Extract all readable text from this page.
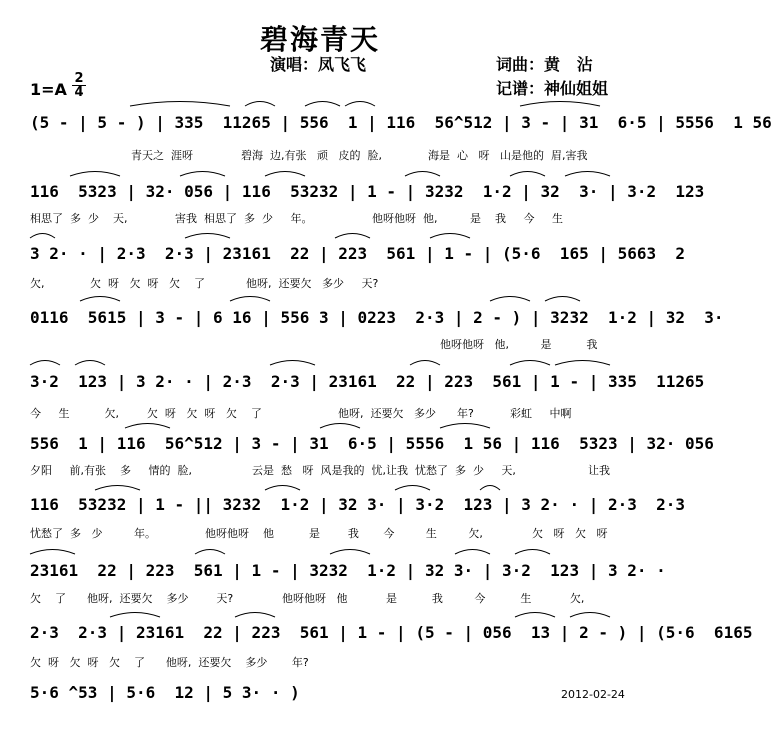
碧海青天
演唱：凤飞飞	词曲：黄   沾
记谱：神仙姐姐
$1=A \frac{2}{4}$
(5 - | 5 - ) | 335  11265 | 556  1 | 116  56^512 | 3 - | 31  6·5 | 5556  1 56
青天之  涯呀	碧海  边,有张   顽   皮的  脸,	海是  心   呀   山是他的  眉,害我
116  5323 | 32· 056 | 116  53232 | 1 - | 3232  1·2 | 32  3· | 3·2  123
相思了  多  少    天,	害我  相思了  多  少     年。	他呀他呀  他,	是    我     今     生
3 2· · | 2·3  2·3 | 23161  22 | 223  561 | 1 - | (5·6  165 | 5663  2
欠,	欠  呀   欠  呀   欠    了	他呀,  还要欠   多少     天?
0116  5615 | 3 - | 6 16 | 556 3 | 0223  2·3 | 2 - ) | 3232  1·2 | 32  3·
他呀他呀   他,         是          我
3·2  123 | 3 2· · | 2·3  2·3 | 23161  22 | 223  561 | 1 - | 335  11265
今     生          欠,        欠  呀   欠  呀   欠    了	他呀,  还要欠   多少      年?	彩虹     中啊
556  1 | 116  56^512 | 3 - | 31  6·5 | 5556  1 56 | 116  5323 | 32· 056
夕阳     前,有张    多     情的  脸,	云是  愁   呀  风是我的  忧,让我  忧愁了  多  少     天,	让我
116  53232 | 1 - || 3232  1·2 | 32 3· | 3·2  123 | 3 2· · | 2·3  2·3
忧愁了  多   少         年。	他呀他呀    他          是        我       今         生         欠,	欠   呀   欠   呀
23161  22 | 223  561 | 1 - | 3232  1·2 | 32 3· | 3·2  123 | 3 2· ·
欠    了      他呀,  还要欠    多少        天?	他呀他呀   他           是          我         今          生           欠,
2·3  2·3 | 23161  22 | 223  561 | 1 - | (5 - | 056  13 | 2 - ) | (5·6  6165
欠  呀   欠  呀   欠    了      他呀,  还要欠    多少       年?
5·6 ^53 | 5·6  12 | 5 3· · )	2012-02-24
